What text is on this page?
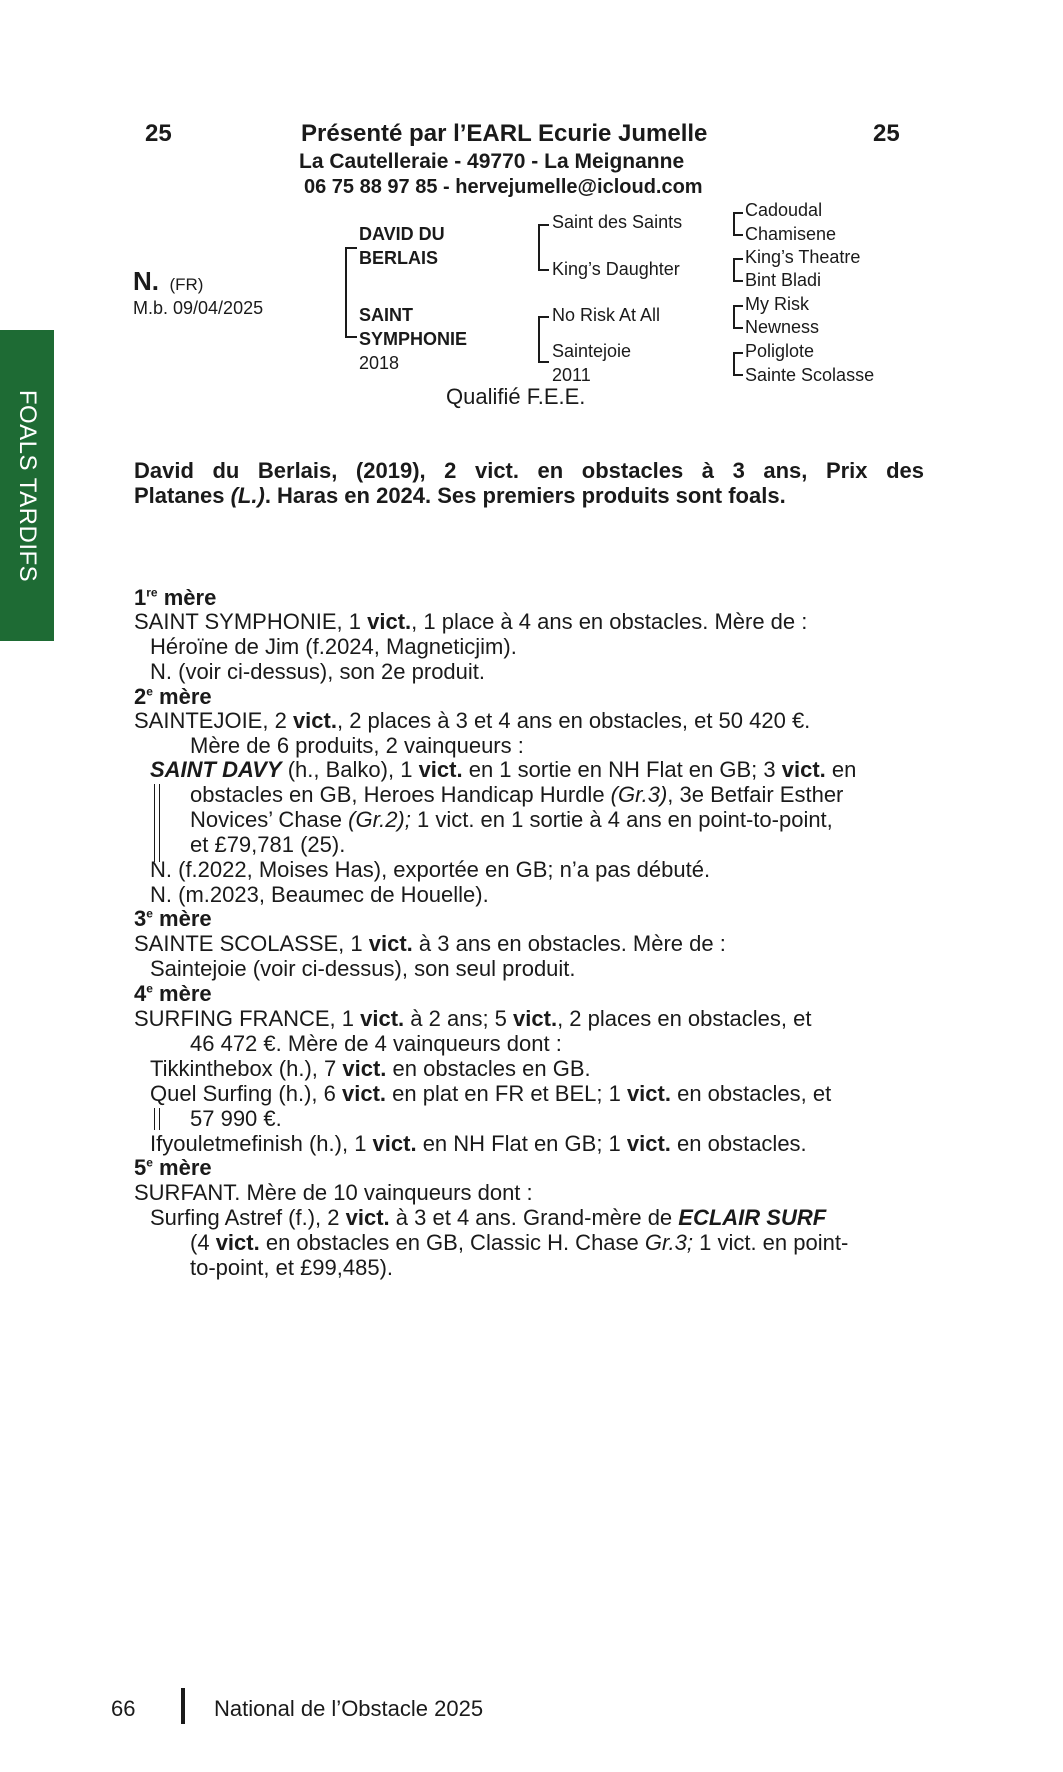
25	Présenté par l’EARL Ecurie Jumelle	25
La Cautelleraie - 49770 - La Meignanne
06 75 88 97 85 - hervejumelle@icloud.com
N. (FR)
M.b. 09/04/2025
DAVID DU
BERLAIS
SAINT
SYMPHONIE
2018
Saint des Saints
King’s Daughter
No Risk At All
Saintejoie
2011
Cadoudal
Chamisene
King’s Theatre
Bint Bladi
My Risk
Newness
Poliglote
Sainte Scolasse
Qualifié F.E.E.
FOALS TARDIFS	David du Berlais, (2019), 2 vict. en obstacles à 3 ans, Prix des
Platanes (L.). Haras en 2024. Ses premiers produits sont foals.
1re mère
SAINT SYMPHONIE, 1 vict., 1 place à 4 ans en obstacles. Mère de :
Héroïne de Jim (f.2024, Magneticjim).
N. (voir ci-dessus), son 2e produit.
2e mère
SAINTEJOIE, 2 vict., 2 places à 3 et 4 ans en obstacles, et 50 420 €.
Mère de 6 produits, 2 vainqueurs :
SAINT DAVY (h., Balko), 1 vict. en 1 sortie en NH Flat en GB; 3 vict. en
obstacles en GB, Heroes Handicap Hurdle (Gr.3), 3e Betfair Esther
Novices’ Chase (Gr.2); 1 vict. en 1 sortie à 4 ans en point-to-point,
et £79,781 (25).
N. (f.2022, Moises Has), exportée en GB; n’a pas débuté.
N. (m.2023, Beaumec de Houelle).
3e mère
SAINTE SCOLASSE, 1 vict. à 3 ans en obstacles. Mère de :
Saintejoie (voir ci-dessus), son seul produit.
4e mère
SURFING FRANCE, 1 vict. à 2 ans; 5 vict., 2 places en obstacles, et
46 472 €. Mère de 4 vainqueurs dont :
Tikkinthebox (h.), 7 vict. en obstacles en GB.
Quel Surfing (h.), 6 vict. en plat en FR et BEL; 1 vict. en obstacles, et
57 990 €.
Ifyouletmefinish (h.), 1 vict. en NH Flat en GB; 1 vict. en obstacles.
5e mère
SURFANT. Mère de 10 vainqueurs dont :
Surfing Astref (f.), 2 vict. à 3 et 4 ans. Grand-mère de ECLAIR SURF
(4 vict. en obstacles en GB, Classic H. Chase Gr.3; 1 vict. en point-
to-point, et £99,485).
66	National de l’Obstacle 2025
